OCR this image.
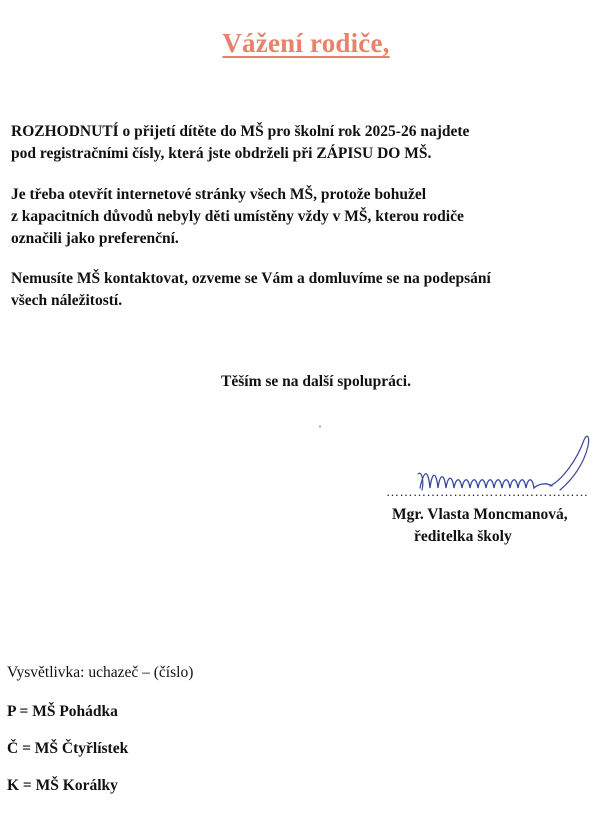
Vážení rodiče,
ROZHODNUTÍ o přijetí dítěte do MŠ pro školní rok 2025-26 najdete
pod registračními čísly, která jste obdrželi při ZÁPISU DO MŠ.
Je třeba otevřít internetové stránky všech MŠ, protože bohužel
z kapacitních důvodů nebyly děti umístěny vždy v MŠ, kterou rodiče
označili jako preferenční.
Nemusíte MŠ kontaktovat, ozveme se Vám a domluvíme se na podepsání
všech náležitostí.
Těším se na další spolupráci.
………………………………………
Mgr. Vlasta Moncmanová,
ředitelka školy
Vysvětlivka: uchazeč – (číslo)
P = MŠ Pohádka
Č = MŠ Čtyřlístek
K = MŠ Korálky
